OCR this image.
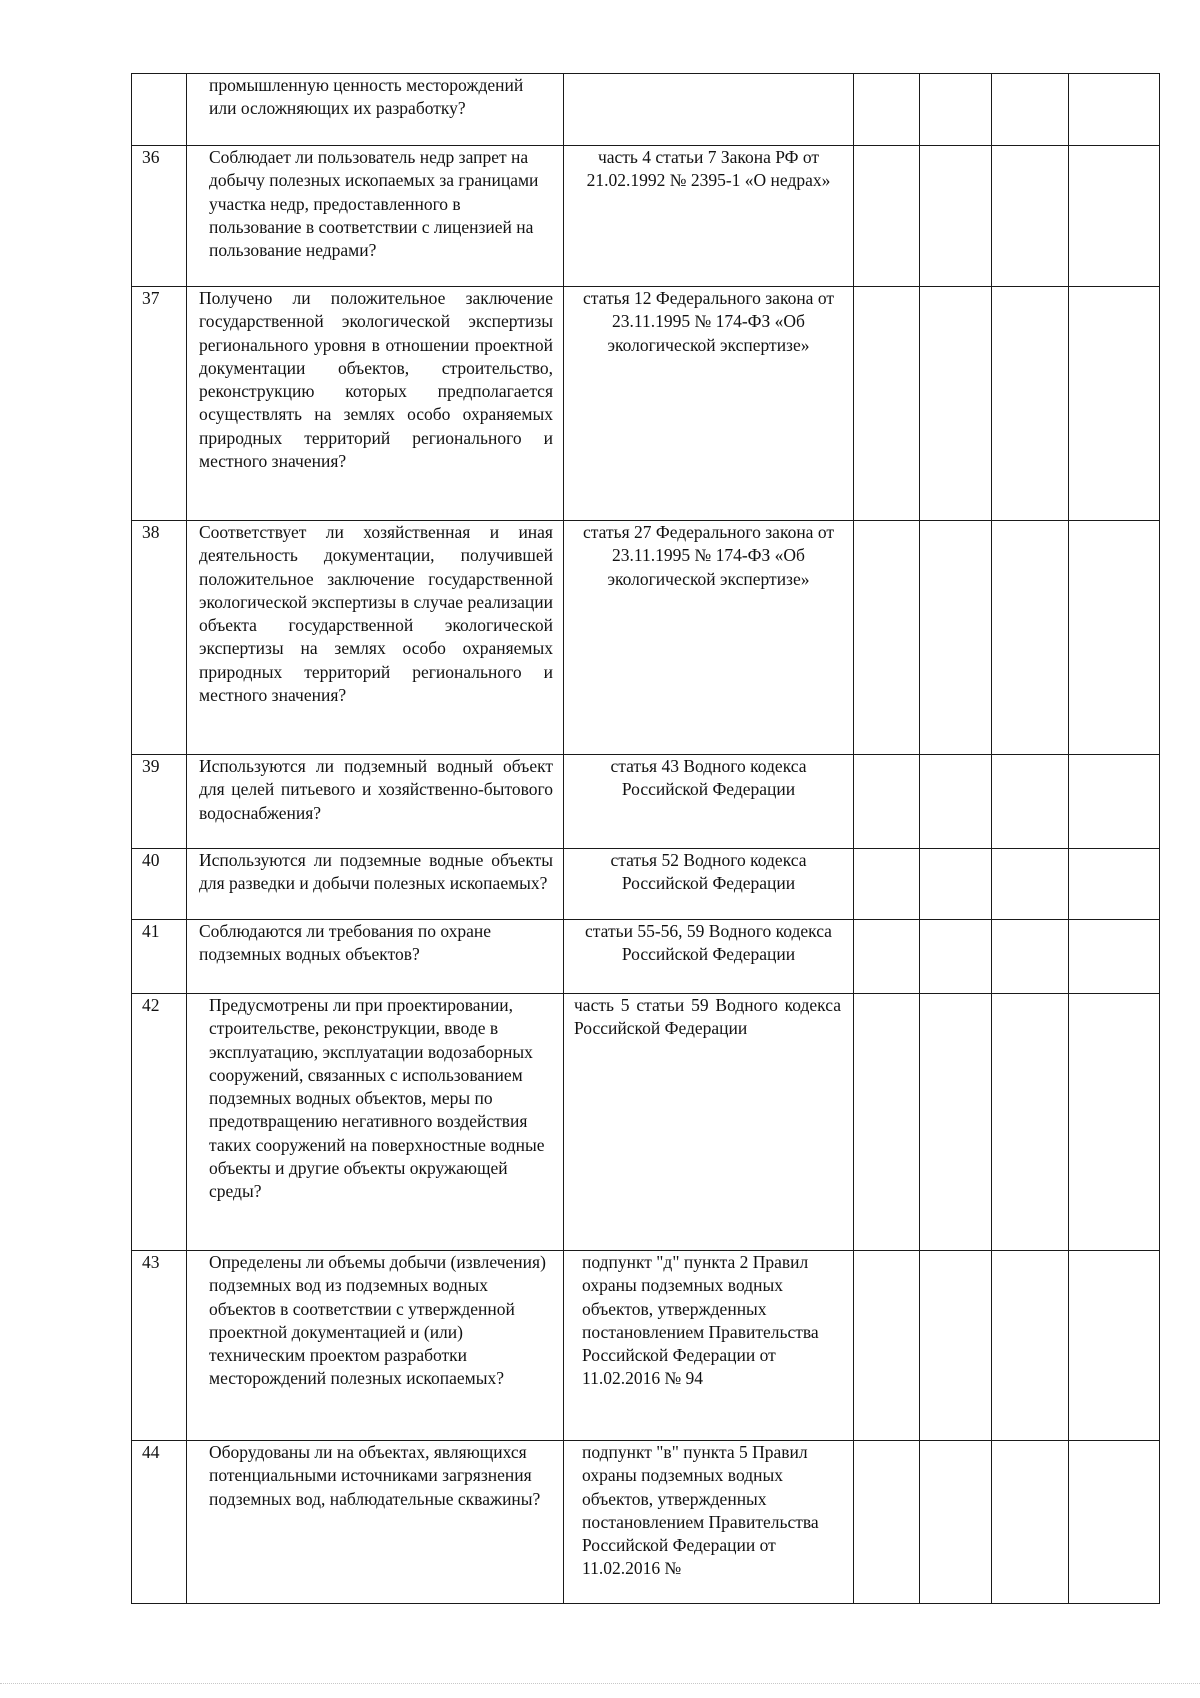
	промышленную ценность месторождений или осложняющих их разработку?					
36	Соблюдает ли пользователь недр запрет на добычу полезных ископаемых за границами участка недр, предоставленного в пользование в соответствии с лицензией на пользование недрами?	часть 4 статьи 7 Закона РФ от 21.02.1992 № 2395-1 «О недрах»				
37	Получено ли положительное заключение государственной экологической экспертизы регионального уровня в отношении проектной документации объектов, строительство, реконструкцию которых предполагается осуществлять на землях особо охраняемых природных территорий регионального и местного значения?	статья 12 Федерального закона от 23.11.1995 № 174-ФЗ «Об экологической экспертизе»				
38	Соответствует ли хозяйственная и иная деятельность документации, получившей положительное заключение государственной экологической экспертизы в случае реализации объекта государственной экологической экспертизы на землях особо охраняемых природных территорий регионального и местного значения?	статья 27 Федерального закона от 23.11.1995 № 174-ФЗ «Об экологической экспертизе»				
39	Используются ли подземный водный объект для целей питьевого и хозяйственно-бытового водоснабжения?	статья 43 Водного кодекса Российской Федерации				
40	Используются ли подземные водные объекты для разведки и добычи полезных ископаемых?	статья 52 Водного кодекса Российской Федерации				
41	Соблюдаются ли требования по охране подземных водных объектов?	статьи 55-56, 59 Водного кодекса Российской Федерации				
42	Предусмотрены ли при проектировании, строительстве, реконструкции, вводе в эксплуатацию, эксплуатации водозаборных сооружений, связанных с использованием подземных водных объектов, меры по предотвращению негативного воздействия таких сооружений на поверхностные водные объекты и другие объекты окружающей среды?	часть 5 статьи 59 Водного кодекса Российской Федерации				
43	Определены ли объемы добычи (извлечения) подземных вод из подземных водных объектов в соответствии с утвержденной проектной документацией и (или) техническим проектом разработки месторождений полезных ископаемых?	подпункт "д" пункта 2 Правил охраны подземных водных объектов, утвержденных постановлением Правительства Российской Федерации от 11.02.2016 № 94				
44	Оборудованы ли на объектах, являющихся потенциальными источниками загрязнения подземных вод, наблюдательные скважины?	подпункт "в" пункта 5 Правил охраны подземных водных объектов, утвержденных постановлением Правительства Российской Федерации от 11.02.2016 №				
